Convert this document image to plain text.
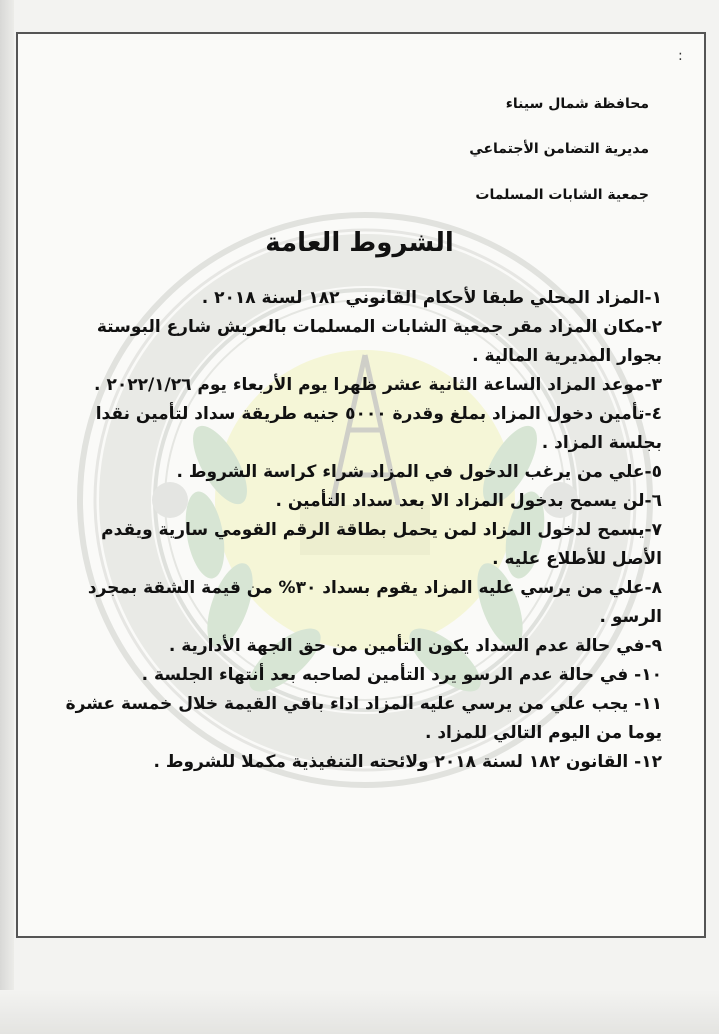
:
محافظة شمال سيناء
مديرية التضامن الأجتماعي
جمعية الشابات المسلمات
الشروط العامة
١-المزاد المحلي طبقا لأحكام القانوني ١٨٢ لسنة ٢٠١٨ .
٢-مكان المزاد مقر جمعية الشابات المسلمات بالعريش شارع البوستة بجوار المديرية المالية .
٣-موعد المزاد الساعة الثانية عشر ظهرا يوم الأربعاء يوم ٢٠٢٢/١/٢٦ .
٤-تأمين دخول المزاد بملغ وقدرة ٥٠٠٠ جنيه طريقة سداد لتأمين نقدا بجلسة المزاد .
٥-علي من يرغب الدخول في المزاد شراء كراسة الشروط .
٦-لن يسمح بدخول المزاد الا بعد سداد التأمين .
٧-يسمح لدخول المزاد لمن يحمل بطاقة الرقم القومي سارية ويقدم الأصل للأطلاع عليه .
٨-علي من يرسي عليه المزاد يقوم بسداد ٣٠% من قيمة الشقة بمجرد الرسو .
٩-في حالة عدم السداد يكون التأمين من حق الجهة الأدارية .
١٠- في حالة عدم الرسو يرد التأمين لصاحبه بعد أنتهاء الجلسة .
١١- يجب علي من يرسي عليه المزاد اداء باقي القيمة خلال خمسة عشرة يوما من اليوم التالي للمزاد .
١٢- القانون ١٨٢ لسنة ٢٠١٨ ولائحته التنفيذية مكملا للشروط .
